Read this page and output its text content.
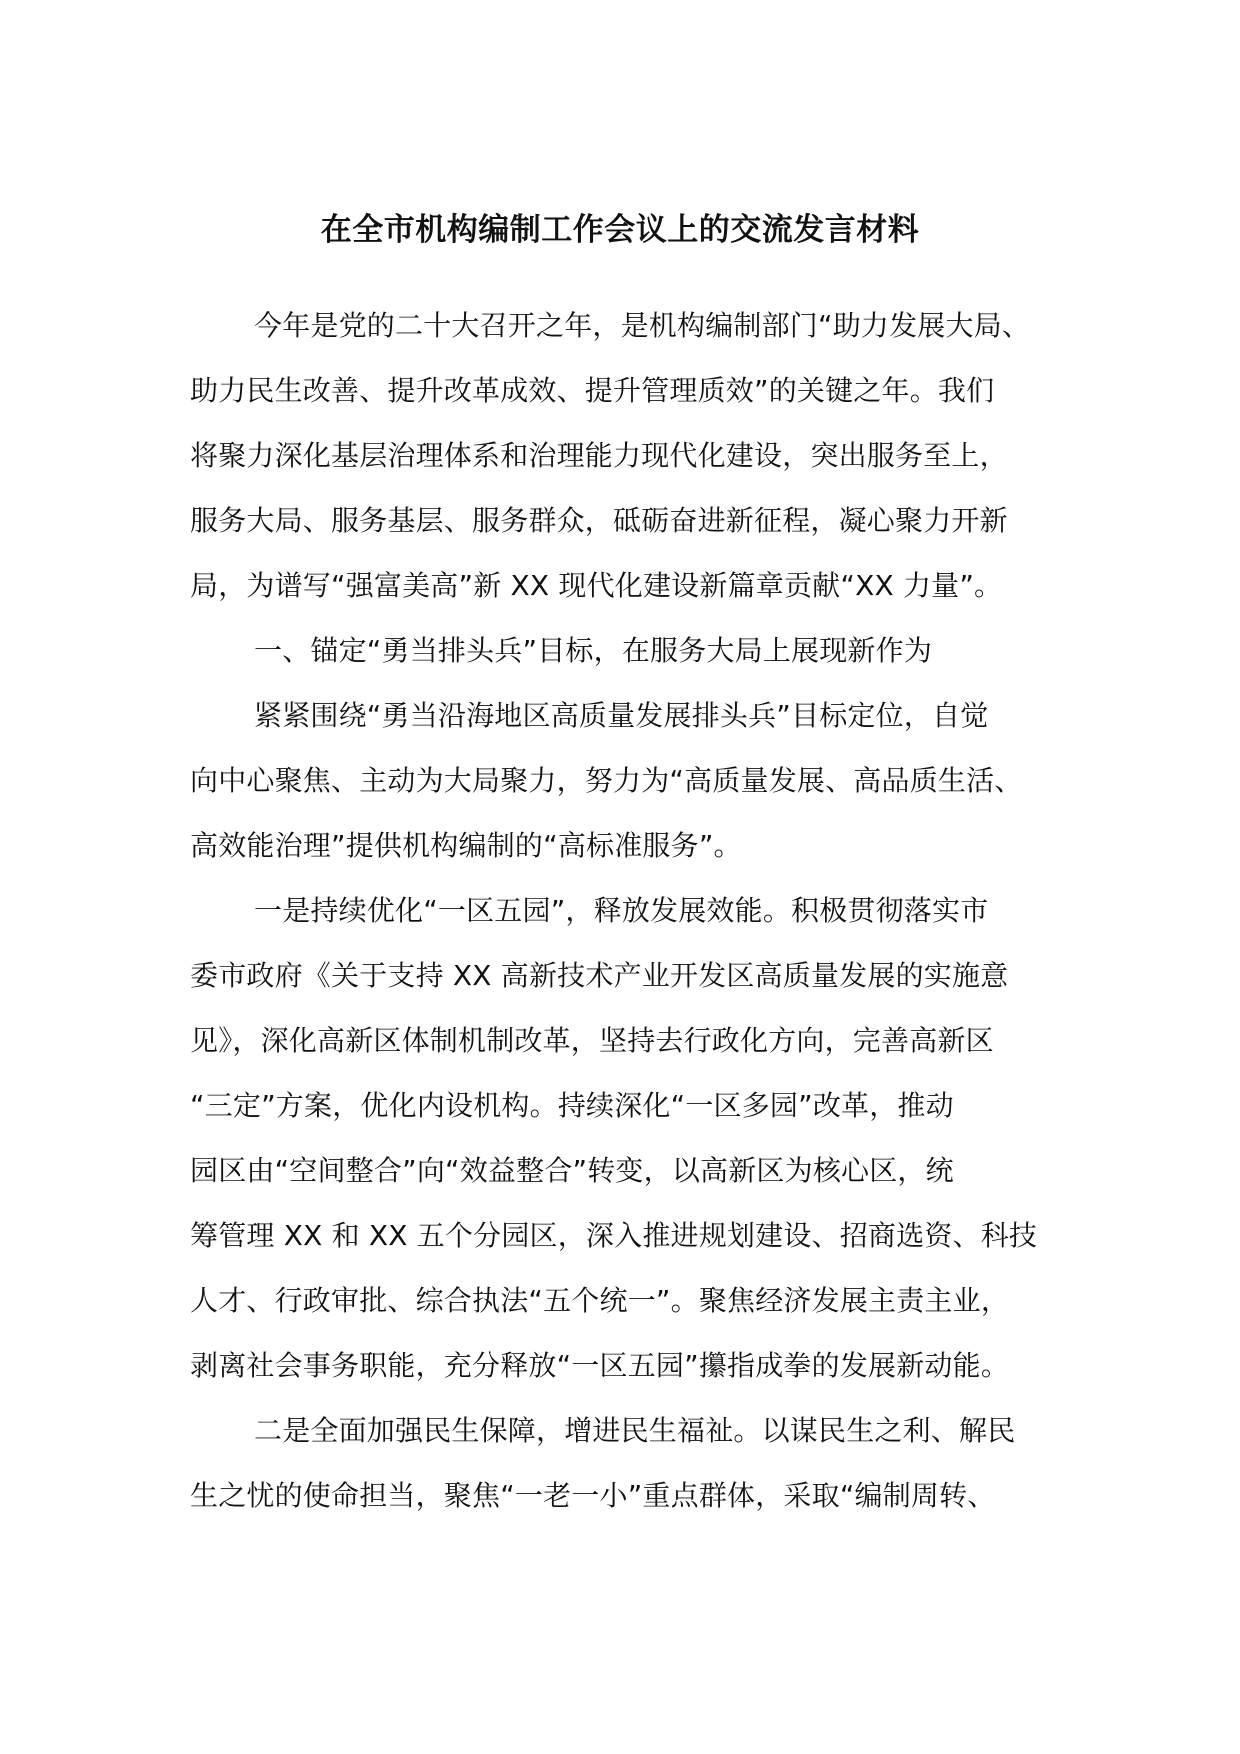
在全市机构编制工作会议上的交流发言材料
今年是党的二十大召开之年，是机构编制部门“助力发展大局、
助力民生改善、提升改革成效、提升管理质效”的关键之年。我们
将聚力深化基层治理体系和治理能力现代化建设，突出服务至上，
服务大局、服务基层、服务群众，砥砺奋进新征程，凝心聚力开新
局，为谱写“强富美高”新 XX 现代化建设新篇章贡献“XX 力量”。
一、锚定“勇当排头兵”目标，在服务大局上展现新作为
紧紧围绕“勇当沿海地区高质量发展排头兵”目标定位，自觉
向中心聚焦、主动为大局聚力，努力为“高质量发展、高品质生活、
高效能治理”提供机构编制的“高标准服务”。
一是持续优化“一区五园”，释放发展效能。积极贯彻落实市
委市政府《关于支持 XX 高新技术产业开发区高质量发展的实施意
见》，深化高新区体制机制改革，坚持去行政化方向，完善高新区
“三定”方案，优化内设机构。持续深化“一区多园”改革，推动
园区由“空间整合”向“效益整合”转变，以高新区为核心区，统
筹管理 XX 和 XX 五个分园区，深入推进规划建设、招商选资、科技
人才、行政审批、综合执法“五个统一”。聚焦经济发展主责主业，
剥离社会事务职能，充分释放“一区五园”攥指成拳的发展新动能。
二是全面加强民生保障，增进民生福祉。以谋民生之利、解民
生之忧的使命担当，聚焦“一老一小”重点群体，采取“编制周转、
